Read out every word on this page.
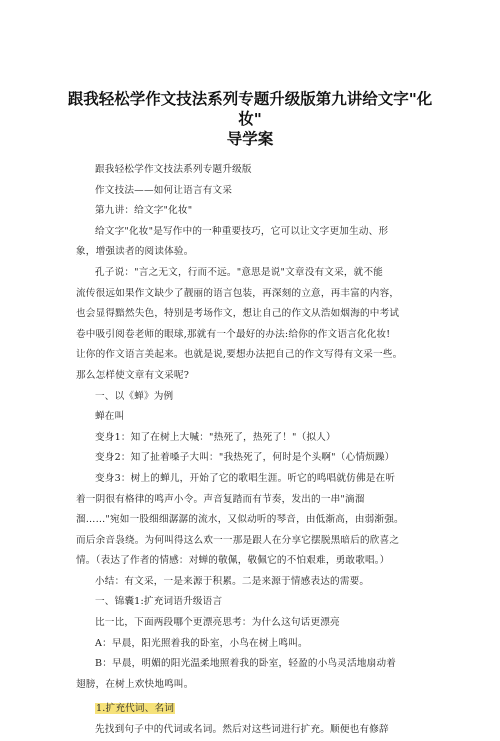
跟我轻松学作文技法系列专题升级版第九讲给文字"化妆"
导学案
跟我轻松学作文技法系列专题升级版
作文技法——如何让语言有文采
第九讲：给文字"化妆"
给文字"化妆"是写作中的一种重要技巧，它可以让文字更加生动、形
象，增强读者的阅读体验。
孔子说："言之无文，行而不远。"意思是说"文章没有文采，就不能
流传很远如果作文缺少了靓丽的语言包装，再深刻的立意，再丰富的内容，
也会显得黯然失色，特别是考场作文，想让自己的作文从浩如烟海的中考试
卷中吸引阅卷老师的眼球,那就有一个最好的办法:给你的作文语言化化妆!
让你的作文语言美起来。也就是说,要想办法把自己的作文写得有文采一些。
那么怎样使文章有文采呢?
一、以《蝉》为例
蝉在叫
变身1：知了在树上大喊："热死了，热死了！"（拟人）
变身2：知了扯着嗓子大叫："我热死了，何时是个头啊"（心情烦躁）
变身3：树上的蝉儿，开始了它的歌唱生涯。听它的鸣唱就仿佛是在听
着一阴很有格律的鸣声小令。声音复踏而有节奏，发出的一串"滴溜
溜……"宛如一股细细潺潺的流水，又似动听的琴音，由低渐高，由弱渐强。
而后余音袅绕。为何叫得这么欢一一那是跟人在分享它摆脱黑暗后的欣喜之
情。（表达了作者的情感：对蝉的敬佩，敬佩它的不怕艰难，勇敢歌唱。）
小结：有文采，一是来源于积累。二是来源于情感表达的需要。
一、锦囊1:扩充词语升级语言
比一比，下面两段哪个更漂亮思考：为什么这句话更漂亮
A：早晨，阳光照着我的卧室，小鸟在树上鸣叫。
B：早晨，明媚的阳光温柔地照着我的卧室，轻盈的小鸟灵活地扇动着
翅膀，在树上欢快地鸣叫。
1.扩充代词、名词
先找到句子中的代词或名词。然后对这些词进行扩充。顺便也有修辞
